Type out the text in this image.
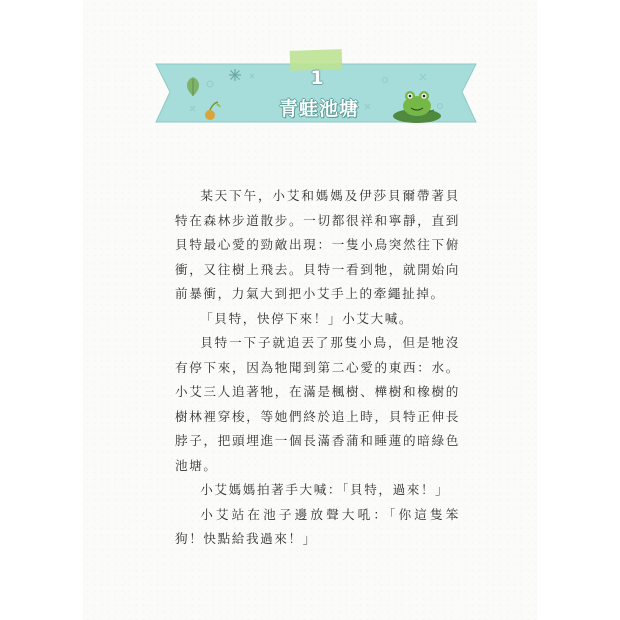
1
青蛙池塘

某天下午，小艾和媽媽及伊莎貝爾帶著貝特在森林步道散步。一切都很祥和寧靜，直到貝特最心愛的勁敵出現：一隻小鳥突然往下俯衝，又往樹上飛去。貝特一看到牠，就開始向前暴衝，力氣大到把小艾手上的牽繩扯掉。

「貝特，快停下來！」小艾大喊。

貝特一下子就追丟了那隻小鳥，但是牠沒有停下來，因為牠聞到第二心愛的東西：水。小艾三人追著牠，在滿是楓樹、樺樹和橡樹的樹林裡穿梭，等她們終於追上時，貝特正伸長脖子，把頭埋進一個長滿香蒲和睡蓮的暗綠色池塘。

小艾媽媽拍著手大喊：「貝特，過來！」

小艾站在池子邊放聲大吼：「你這隻笨狗！快點給我過來！」
